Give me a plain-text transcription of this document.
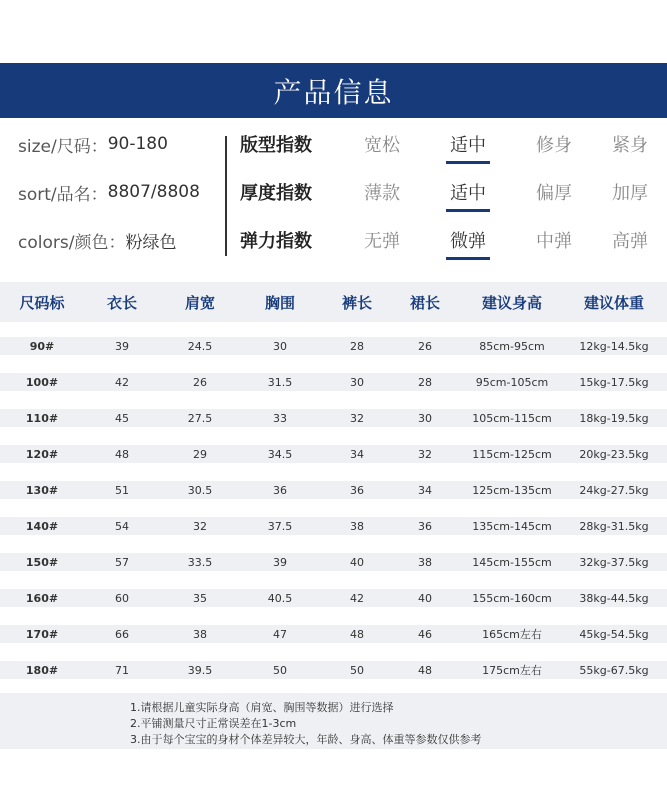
产品信息
size/尺码： 90-180
sort/品名： 8807/8808
colors/颜色： 粉绿色
版型指数	宽松	适中	修身	紧身
厚度指数	薄款	适中	偏厚	加厚
弹力指数	无弹	微弹	中弹	高弹
尺码标	衣长	肩宽	胸围	裤长	裙长	建议身高	建议体重
90#	39	24.5	30	28	26	85cm-95cm	12kg-14.5kg
100#	42	26	31.5	30	28	95cm-105cm	15kg-17.5kg
110#	45	27.5	33	32	30	105cm-115cm	18kg-19.5kg
120#	48	29	34.5	34	32	115cm-125cm	20kg-23.5kg
130#	51	30.5	36	36	34	125cm-135cm	24kg-27.5kg
140#	54	32	37.5	38	36	135cm-145cm	28kg-31.5kg
150#	57	33.5	39	40	38	145cm-155cm	32kg-37.5kg
160#	60	35	40.5	42	40	155cm-160cm	38kg-44.5kg
170#	66	38	47	48	46	165cm左右	45kg-54.5kg
180#	71	39.5	50	50	48	175cm左右	55kg-67.5kg
1.请根据儿童实际身高（肩宽、胸围等数据）进行选择
2.平铺测量尺寸正常误差在1-3cm
3.由于每个宝宝的身材个体差异较大，年龄、身高、体重等参数仅供参考
